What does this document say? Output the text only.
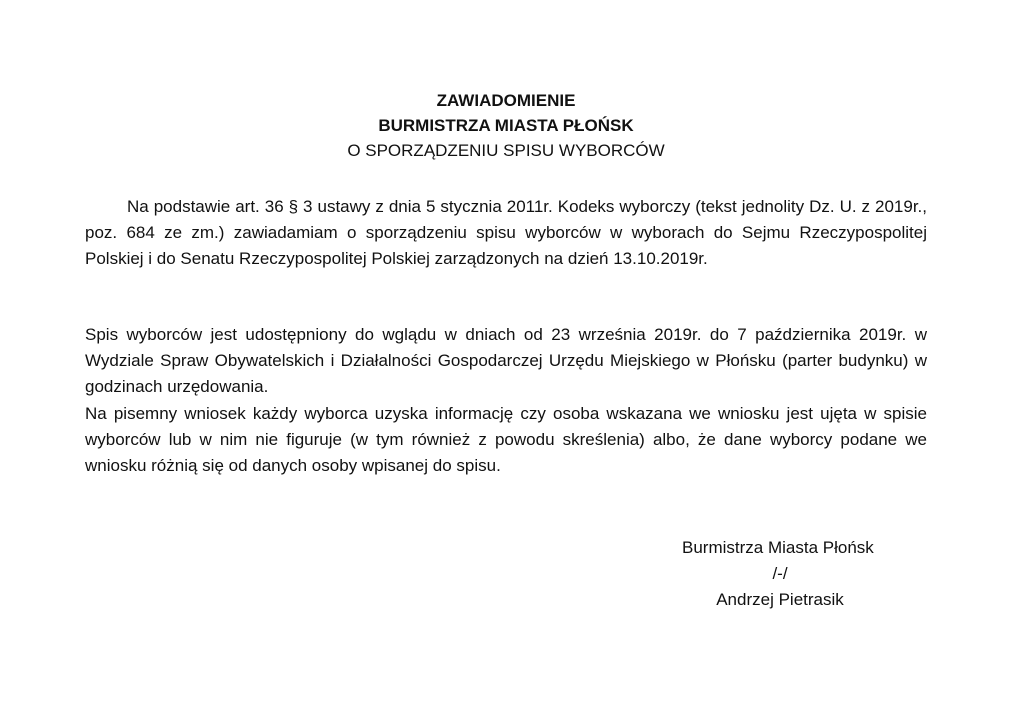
ZAWIADOMIENIE
BURMISTRZA MIASTA PŁOŃSK
O SPORZĄDZENIU SPISU WYBORCÓW
Na podstawie art. 36 § 3 ustawy z dnia 5 stycznia 2011r. Kodeks wyborczy (tekst jednolity Dz. U. z 2019r., poz. 684 ze zm.) zawiadamiam o sporządzeniu spisu wyborców w wyborach do Sejmu Rzeczypospolitej Polskiej i do Senatu Rzeczypospolitej Polskiej zarządzonych na dzień 13.10.2019r.
Spis wyborców jest udostępniony do wglądu w dniach od 23 września 2019r. do 7 października 2019r. w Wydziale Spraw Obywatelskich i Działalności Gospodarczej Urzędu Miejskiego w Płońsku (parter budynku) w godzinach urzędowania.
Na pisemny wniosek każdy wyborca uzyska informację czy osoba wskazana we wniosku jest ujęta w spisie wyborców lub w nim nie figuruje (w tym również z powodu skreślenia) albo, że dane wyborcy podane we wniosku różnią się od danych osoby wpisanej do spisu.
Burmistrza Miasta Płońsk
/-/
Andrzej Pietrasik
